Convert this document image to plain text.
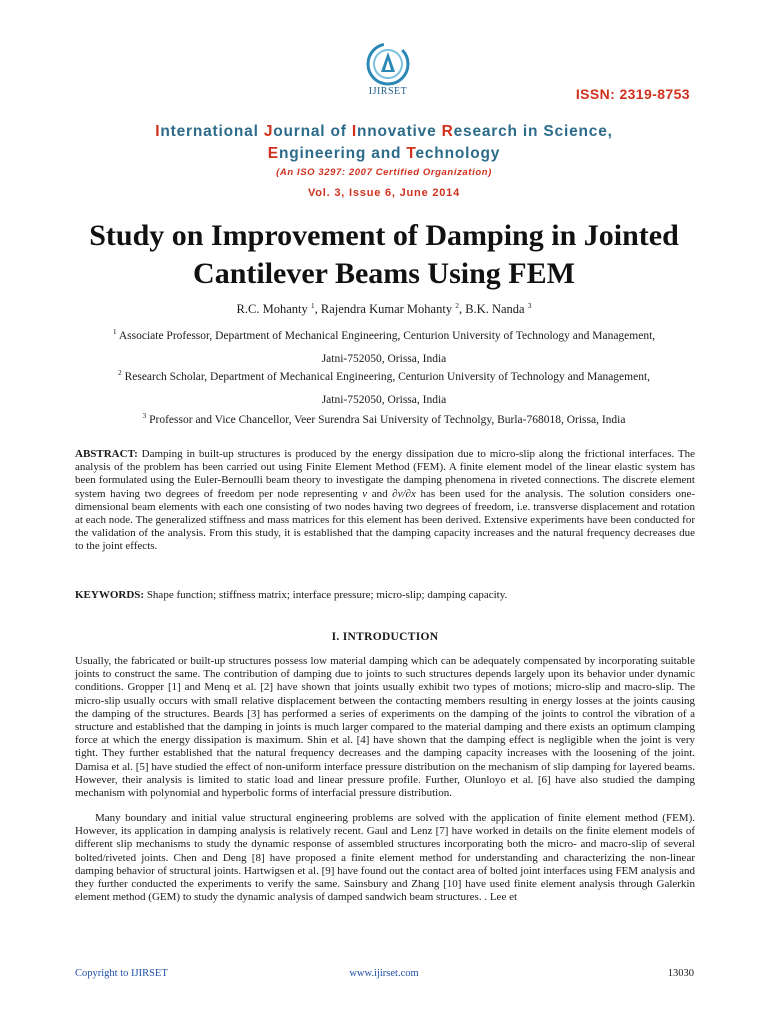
IJIRSET	ISSN: 2319-8753
International Journal of Innovative Research in Science,
Engineering and Technology
(An ISO 3297: 2007 Certified Organization)
Vol. 3, Issue 6, June 2014
Study on Improvement of Damping in Jointed
Cantilever Beams Using FEM
R.C. Mohanty $^1$, Rajendra Kumar Mohanty $^2$, B.K. Nanda $^3$
$^1$ Associate Professor, Department of Mechanical Engineering, Centurion University of Technology and Management,
Jatni-752050, Orissa, India
$^2$ Research Scholar, Department of Mechanical Engineering, Centurion University of Technology and Management,
Jatni-752050, Orissa, India
$^3$ Professor and Vice Chancellor, Veer Surendra Sai University of Technolgy, Burla-768018, Orissa, India
ABSTRACT: Damping in built-up structures is produced by the energy dissipation due to micro-slip along the frictional interfaces. The analysis of the problem has been carried out using Finite Element Method (FEM). A finite element model of the linear elastic system has been formulated using the Euler-Bernoulli beam theory to investigate the damping phenomena in riveted connections. The discrete element system having two degrees of freedom per node representing v and ∂v/∂x has been used for the analysis. The solution considers one-dimensional beam elements with each one consisting of two nodes having two degrees of freedom, i.e. transverse displacement and rotation at each node. The generalized stiffness and mass matrices for this element has been derived. Extensive experiments have been conducted for the validation of the analysis. From this study, it is established that the damping capacity increases and the natural frequency decreases due to the joint effects.
KEYWORDS: Shape function; stiffness matrix; interface pressure; micro-slip; damping capacity.
I. INTRODUCTION
Usually, the fabricated or built-up structures possess low material damping which can be adequately compensated by incorporating suitable joints to construct the same. The contribution of damping due to joints to such structures depends largely upon its behavior under dynamic conditions. Gropper [1] and Menq et al. [2] have shown that joints usually exhibit two types of motions; micro-slip and macro-slip. The micro-slip usually occurs with small relative displacement between the contacting members resulting in energy losses at the joints causing the damping of the structures. Beards [3] has performed a series of experiments on the damping of the joints to control the vibration of a structure and established that the damping in joints is much larger compared to the material damping and there exists an optimum clamping force at which the energy dissipation is maximum. Shin et al. [4] have shown that the damping effect is negligible when the joint is very tight. They further established that the natural frequency decreases and the damping capacity increases with the loosening of the joint. Damisa et al. [5] have studied the effect of non-uniform interface pressure distribution on the mechanism of slip damping for layered beams. However, their analysis is limited to static load and linear pressure profile. Further, Olunloyo et al. [6] have also studied the damping mechanism with polynomial and hyperbolic forms of interfacial pressure distribution.
Many boundary and initial value structural engineering problems are solved with the application of finite element method (FEM). However, its application in damping analysis is relatively recent. Gaul and Lenz [7] have worked in details on the finite element models of different slip mechanisms to study the dynamic response of assembled structures incorporating both the micro- and macro-slip of several bolted/riveted joints. Chen and Deng [8] have proposed a finite element method for understanding and characterizing the non-linear damping behavior of structural joints. Hartwigsen et al. [9] have found out the contact area of bolted joint interfaces using FEM analysis and they further conducted the experiments to verify the same. Sainsbury and Zhang [10] have used finite element analysis through Galerkin element method (GEM) to study the dynamic analysis of damped sandwich beam structures. . Lee et
Copyright to IJIRSET	www.ijirset.com	13030
